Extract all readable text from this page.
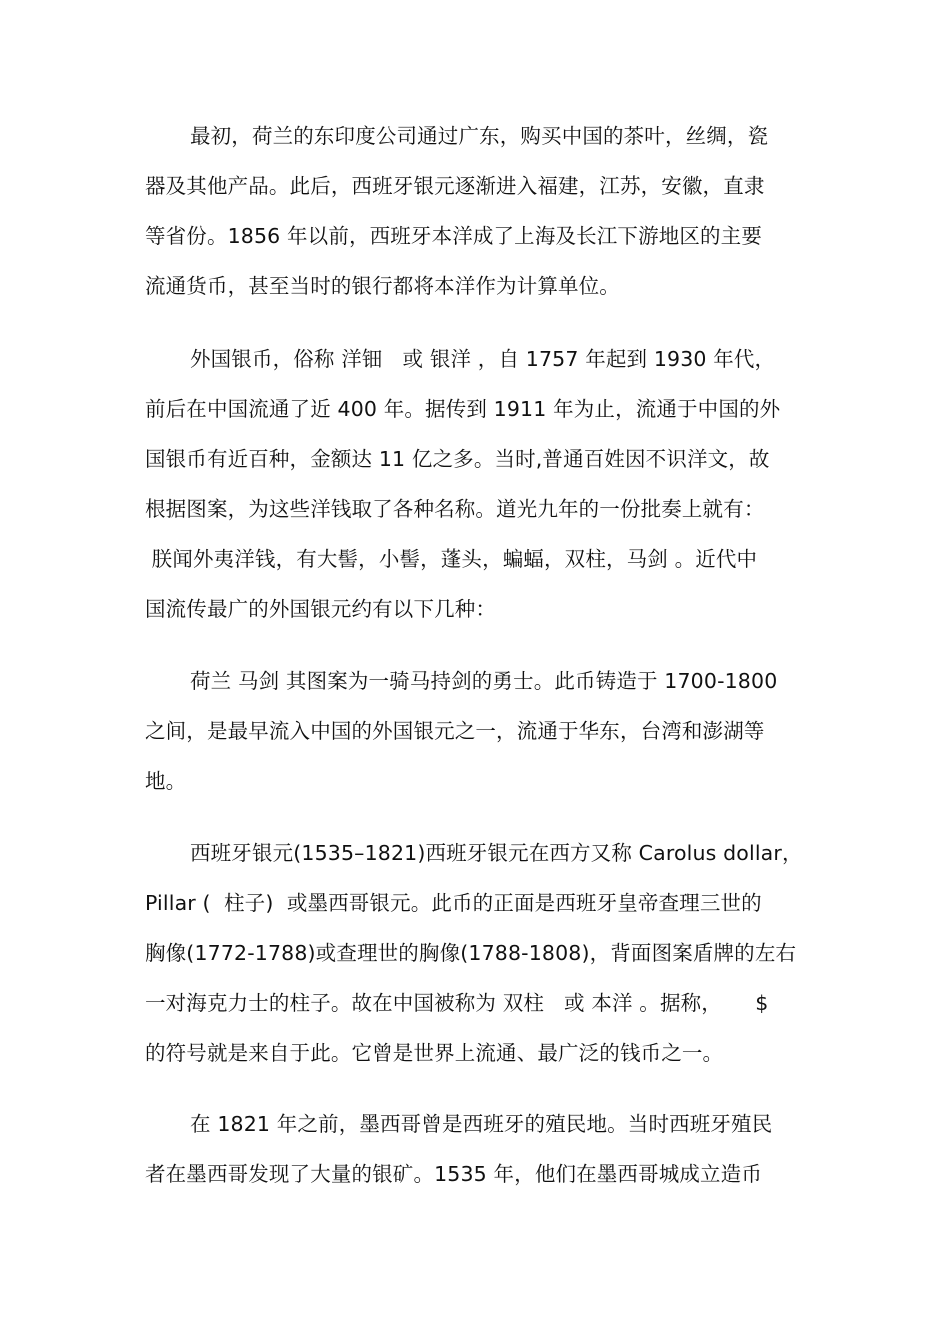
最初，荷兰的东印度公司通过广东，购买中国的茶叶，丝绸，瓷
器及其他产品。此后，西班牙银元逐渐进入福建，江苏，安徽，直隶
等省份。1856 年以前，西班牙本洋成了上海及长江下游地区的主要
流通货币，甚至当时的银行都将本洋作为计算单位。
外国银币，俗称 洋钿   或 银洋 ，自 1757 年起到 1930 年代，
前后在中国流通了近 400 年。据传到 1911 年为止，流通于中国的外
国银币有近百种，金额达 11 亿之多。当时,普通百姓因不识洋文，故
根据图案，为这些洋钱取了各种名称。道光九年的一份批奏上就有：
朕闻外夷洋钱，有大髻，小髻，蓬头，蝙蝠，双柱，马剑 。近代中
国流传最广的外国银元约有以下几种：
荷兰 马剑 其图案为一骑马持剑的勇士。此币铸造于 1700-1800
之间，是最早流入中国的外国银元之一，流通于华东，台湾和澎湖等
地。
西班牙银元(1535–1821)西班牙银元在西方又称 Carolus dollar，
Pillar (  柱子)  或墨西哥银元。此币的正面是西班牙皇帝查理三世的
胸像(1772-1788)或查理世的胸像(1788-1808)，背面图案盾牌的左右
一对海克力士的柱子。故在中国被称为 双柱   或 本洋 。据称，     $
的符号就是来自于此。它曾是世界上流通、最广泛的钱币之一。
在 1821 年之前，墨西哥曾是西班牙的殖民地。当时西班牙殖民
者在墨西哥发现了大量的银矿。1535 年，他们在墨西哥城成立造币
